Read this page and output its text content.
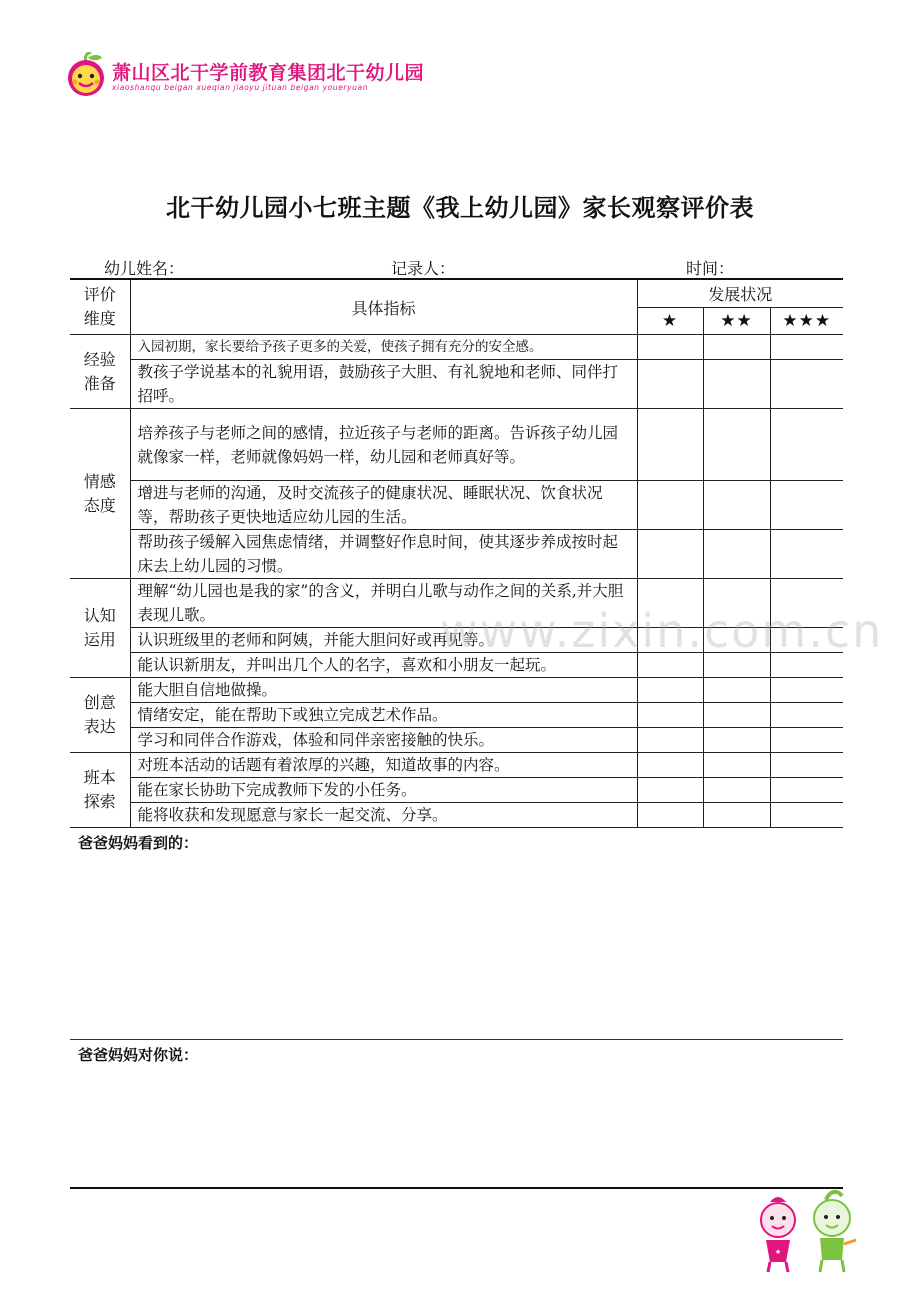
萧山区北干学前教育集团北干幼儿园
xiaoshanqu beigan xueqian jiaoyu jituan beigan youeryuan
北干幼儿园小七班主题《我上幼儿园》家长观察评价表
幼儿姓名：	记录人：	时间：
评价
维度	具体指标	发展状况		
		★	★★	★★★

经验
准备	入园初期，家长要给予孩子更多的关爱，使孩子拥有充分的安全感。			
	教孩子学说基本的礼貌用语，鼓励孩子大胆、有礼貌地和老师、同伴打招呼。			

情感
态度	培养孩子与老师之间的感情，拉近孩子与老师的距离。告诉孩子幼儿园就像家一样，老师就像妈妈一样，幼儿园和老师真好等。			
	增进与老师的沟通，及时交流孩子的健康状况、睡眠状况、饮食状况等，帮助孩子更快地适应幼儿园的生活。			
	帮助孩子缓解入园焦虑情绪，并调整好作息时间，使其逐步养成按时起床去上幼儿园的习惯。			

认知
运用	理解“幼儿园也是我的家”的含义，并明白儿歌与动作之间的关系,并大胆表现儿歌。			
	认识班级里的老师和阿姨，并能大胆问好或再见等。			
	能认识新朋友，并叫出几个人的名字，喜欢和小朋友一起玩。			

创意
表达	能大胆自信地做操。			
	情绪安定，能在帮助下或独立完成艺术作品。			
	学习和同伴合作游戏，体验和同伴亲密接触的快乐。			

班本
探索	对班本活动的话题有着浓厚的兴趣，知道故事的内容。			
	能在家长协助下完成教师下发的小任务。			
	能将收获和发现愿意与家长一起交流、分享。			
爸爸妈妈看到的：
爸爸妈妈对你说：
www.zixin.com.cn
★
